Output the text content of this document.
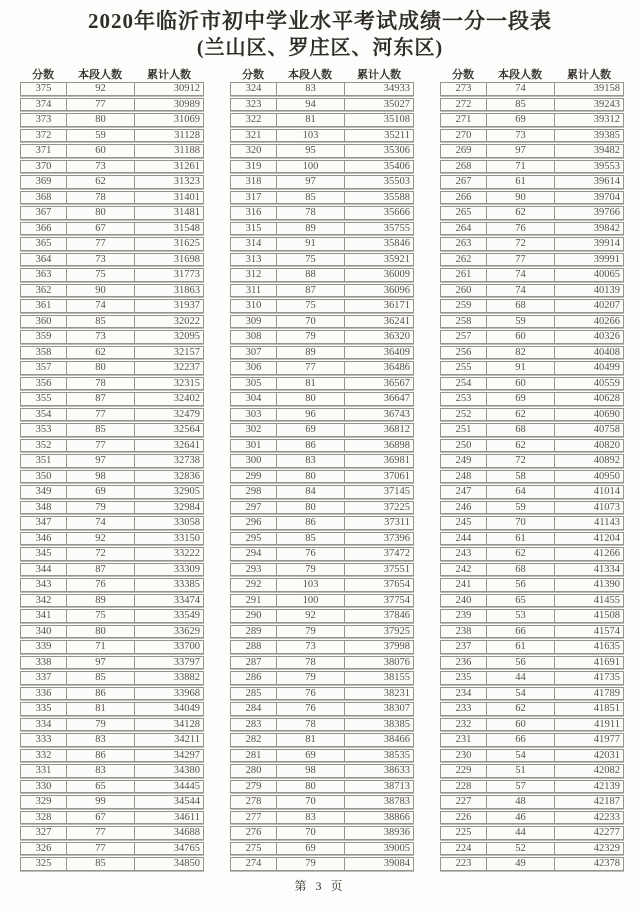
2020年临沂市初中学业水平考试成绩一分一段表
(兰山区、罗庄区、河东区)
分数	本段人数	累计人数
375	92	30912
374	77	30989
373	80	31069
372	59	31128
371	60	31188
370	73	31261
369	62	31323
368	78	31401
367	80	31481
366	67	31548
365	77	31625
364	73	31698
363	75	31773
362	90	31863
361	74	31937
360	85	32022
359	73	32095
358	62	32157
357	80	32237
356	78	32315
355	87	32402
354	77	32479
353	85	32564
352	77	32641
351	97	32738
350	98	32836
349	69	32905
348	79	32984
347	74	33058
346	92	33150
345	72	33222
344	87	33309
343	76	33385
342	89	33474
341	75	33549
340	80	33629
339	71	33700
338	97	33797
337	85	33882
336	86	33968
335	81	34049
334	79	34128
333	83	34211
332	86	34297
331	83	34380
330	65	34445
329	99	34544
328	67	34611
327	77	34688
326	77	34765
325	85	34850
分数	本段人数	累计人数
324	83	34933
323	94	35027
322	81	35108
321	103	35211
320	95	35306
319	100	35406
318	97	35503
317	85	35588
316	78	35666
315	89	35755
314	91	35846
313	75	35921
312	88	36009
311	87	36096
310	75	36171
309	70	36241
308	79	36320
307	89	36409
306	77	36486
305	81	36567
304	80	36647
303	96	36743
302	69	36812
301	86	36898
300	83	36981
299	80	37061
298	84	37145
297	80	37225
296	86	37311
295	85	37396
294	76	37472
293	79	37551
292	103	37654
291	100	37754
290	92	37846
289	79	37925
288	73	37998
287	78	38076
286	79	38155
285	76	38231
284	76	38307
283	78	38385
282	81	38466
281	69	38535
280	98	38633
279	80	38713
278	70	38783
277	83	38866
276	70	38936
275	69	39005
274	79	39084
分数	本段人数	累计人数
273	74	39158
272	85	39243
271	69	39312
270	73	39385
269	97	39482
268	71	39553
267	61	39614
266	90	39704
265	62	39766
264	76	39842
263	72	39914
262	77	39991
261	74	40065
260	74	40139
259	68	40207
258	59	40266
257	60	40326
256	82	40408
255	91	40499
254	60	40559
253	69	40628
252	62	40690
251	68	40758
250	62	40820
249	72	40892
248	58	40950
247	64	41014
246	59	41073
245	70	41143
244	61	41204
243	62	41266
242	68	41334
241	56	41390
240	65	41455
239	53	41508
238	66	41574
237	61	41635
236	56	41691
235	44	41735
234	54	41789
233	62	41851
232	60	41911
231	66	41977
230	54	42031
229	51	42082
228	57	42139
227	48	42187
226	46	42233
225	44	42277
224	52	42329
223	49	42378
第 3 页
